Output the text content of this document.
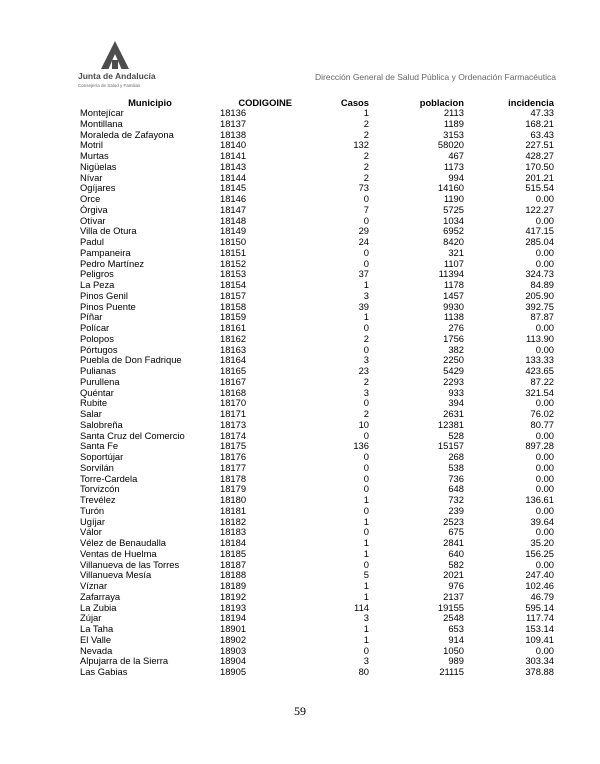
Junta de Andalucía
Consejería de Salud y Familias
Dirección General de Salud Pública y Ordenación Farmacéutica
Municipio	CODIGOINE	Casos	poblacion	incidencia
Montejícar	18136	1	2113	47.33
Montillana	18137	2	1189	168.21
Moraleda de Zafayona	18138	2	3153	63.43
Motril	18140	132	58020	227.51
Murtas	18141	2	467	428.27
Nigüelas	18143	2	1173	170.50
Nívar	18144	2	994	201.21
Ogíjares	18145	73	14160	515.54
Orce	18146	0	1190	0.00
Órgiva	18147	7	5725	122.27
Otívar	18148	0	1034	0.00
Villa de Otura	18149	29	6952	417.15
Padul	18150	24	8420	285.04
Pampaneira	18151	0	321	0.00
Pedro Martínez	18152	0	1107	0.00
Peligros	18153	37	11394	324.73
La Peza	18154	1	1178	84.89
Pinos Genil	18157	3	1457	205.90
Pinos Puente	18158	39	9930	392.75
Píñar	18159	1	1138	87.87
Polícar	18161	0	276	0.00
Polopos	18162	2	1756	113.90
Pórtugos	18163	0	382	0.00
Puebla de Don Fadrique	18164	3	2250	133.33
Pulianas	18165	23	5429	423.65
Purullena	18167	2	2293	87.22
Quéntar	18168	3	933	321.54
Rubite	18170	0	394	0.00
Salar	18171	2	2631	76.02
Salobreña	18173	10	12381	80.77
Santa Cruz del Comercio	18174	0	528	0.00
Santa Fe	18175	136	15157	897.28
Soportújar	18176	0	268	0.00
Sorvilán	18177	0	538	0.00
Torre-Cardela	18178	0	736	0.00
Torvizcón	18179	0	648	0.00
Trevélez	18180	1	732	136.61
Turón	18181	0	239	0.00
Ugíjar	18182	1	2523	39.64
Válor	18183	0	675	0.00
Vélez de Benaudalla	18184	1	2841	35.20
Ventas de Huelma	18185	1	640	156.25
Villanueva de las Torres	18187	0	582	0.00
Villanueva Mesía	18188	5	2021	247.40
Víznar	18189	1	976	102.46
Zafarraya	18192	1	2137	46.79
La Zubia	18193	114	19155	595.14
Zújar	18194	3	2548	117.74
La Taha	18901	1	653	153.14
El Valle	18902	1	914	109.41
Nevada	18903	0	1050	0.00
Alpujarra de la Sierra	18904	3	989	303.34
Las Gabias	18905	80	21115	378.88
59
